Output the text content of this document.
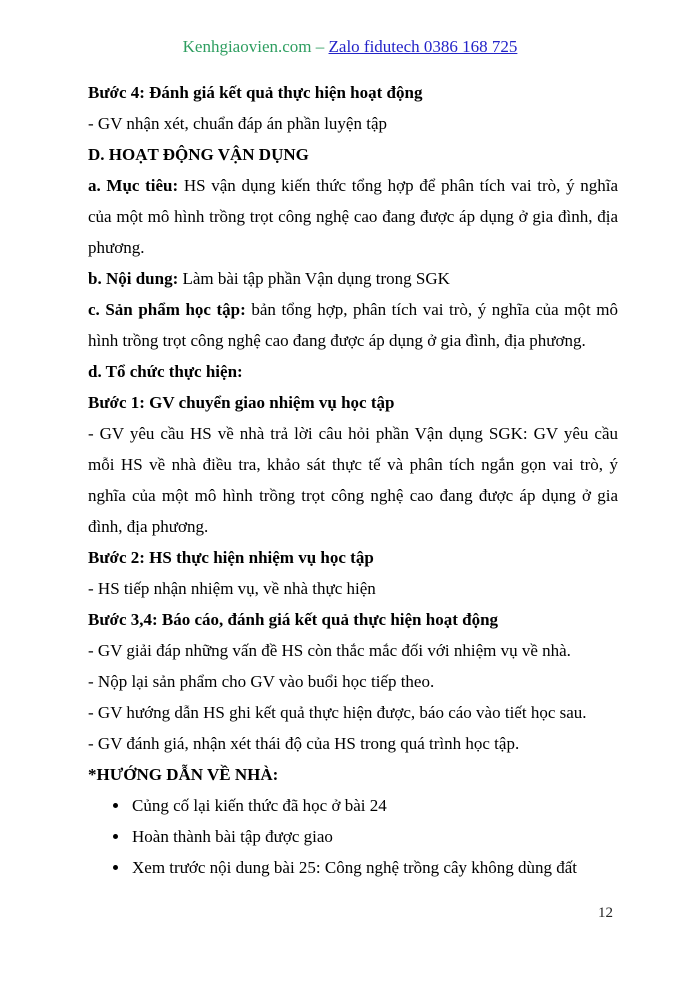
Kenhgiaovien.com – Zalo fidutech 0386 168 725

Bước 4: Đánh giá kết quả thực hiện hoạt động

- GV nhận xét, chuẩn đáp án phần luyện tập

D. HOẠT ĐỘNG VẬN DỤNG

a. Mục tiêu: HS vận dụng kiến thức tổng hợp để phân tích vai trò, ý nghĩa của một mô hình trồng trọt công nghệ cao đang được áp dụng ở gia đình, địa phương.

b. Nội dung: Làm bài tập phần Vận dụng trong SGK

c. Sản phẩm học tập: bản tổng hợp, phân tích vai trò, ý nghĩa của một mô hình trồng trọt công nghệ cao đang được áp dụng ở gia đình, địa phương.

d. Tổ chức thực hiện:

Bước 1: GV chuyển giao nhiệm vụ học tập

- GV yêu cầu HS về nhà trả lời câu hỏi phần Vận dụng SGK: GV yêu cầu mỗi HS về nhà điều tra, khảo sát thực tế và phân tích ngắn gọn vai trò, ý nghĩa của một mô hình trồng trọt công nghệ cao đang được áp dụng ở gia đình, địa phương.

Bước 2: HS thực hiện nhiệm vụ học tập

- HS tiếp nhận nhiệm vụ, về nhà thực hiện

Bước 3,4: Báo cáo, đánh giá kết quả thực hiện hoạt động

- GV giải đáp những vấn đề HS còn thắc mắc đối với nhiệm vụ về nhà.

- Nộp lại sản phẩm cho GV vào buổi học tiếp theo.

- GV hướng dẫn HS ghi kết quả thực hiện được, báo cáo vào tiết học sau.

- GV đánh giá, nhận xét thái độ của HS trong quá trình học tập.

*HƯỚNG DẪN VỀ NHÀ:

• Củng cố lại kiến thức đã học ở bài 24
• Hoàn thành bài tập được giao
• Xem trước nội dung bài 25: Công nghệ trồng cây không dùng đất
12
